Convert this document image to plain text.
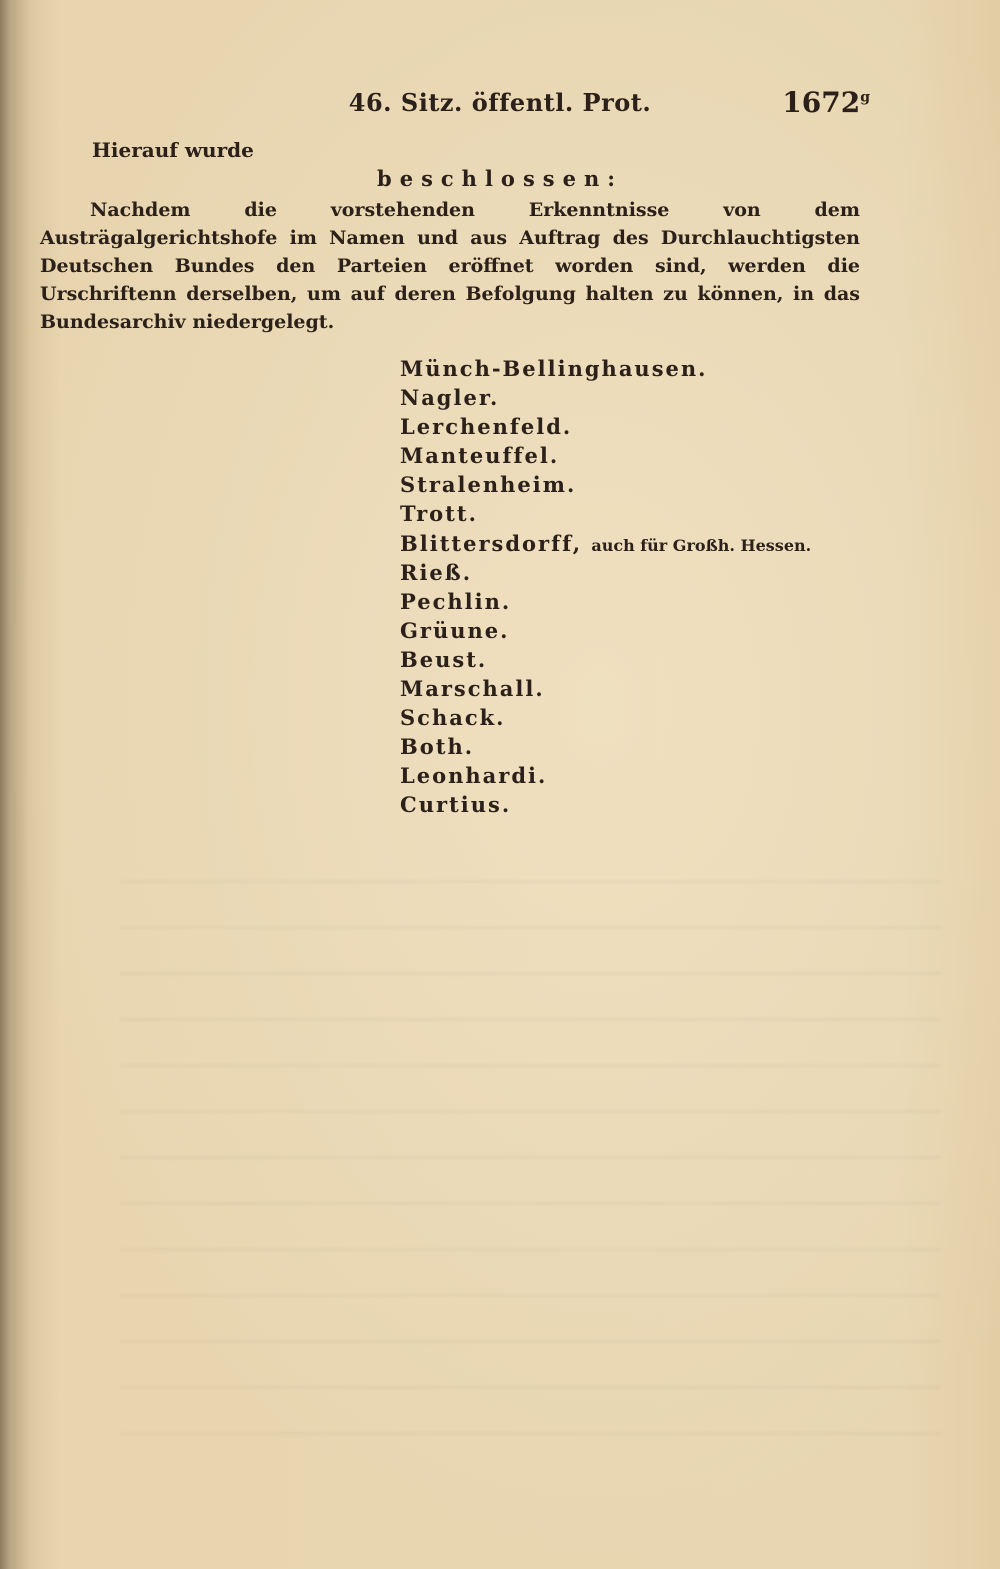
46. Sitz. öffentl. Prot.	1672$^g$
Hierauf wurde
beschlossen:
Nachdem die vorstehenden Erkenntnisse von dem Austrägalgerichtshofe im Namen und aus Auftrag des Durchlauchtigsten Deutschen Bundes den Parteien eröffnet worden sind, werden die Urschriftenn derselben, um auf deren Befolgung halten zu können, in das Bundesarchiv niedergelegt.
Münch-Bellinghausen.
Nagler.
Lerchenfeld.
Manteuffel.
Stralenheim.
Trott.
Blittersdorff, auch für Großh. Hessen.
Rieß.
Pechlin.
Grüune.
Beust.
Marschall.
Schack.
Both.
Leonhardi.
Curtius.
